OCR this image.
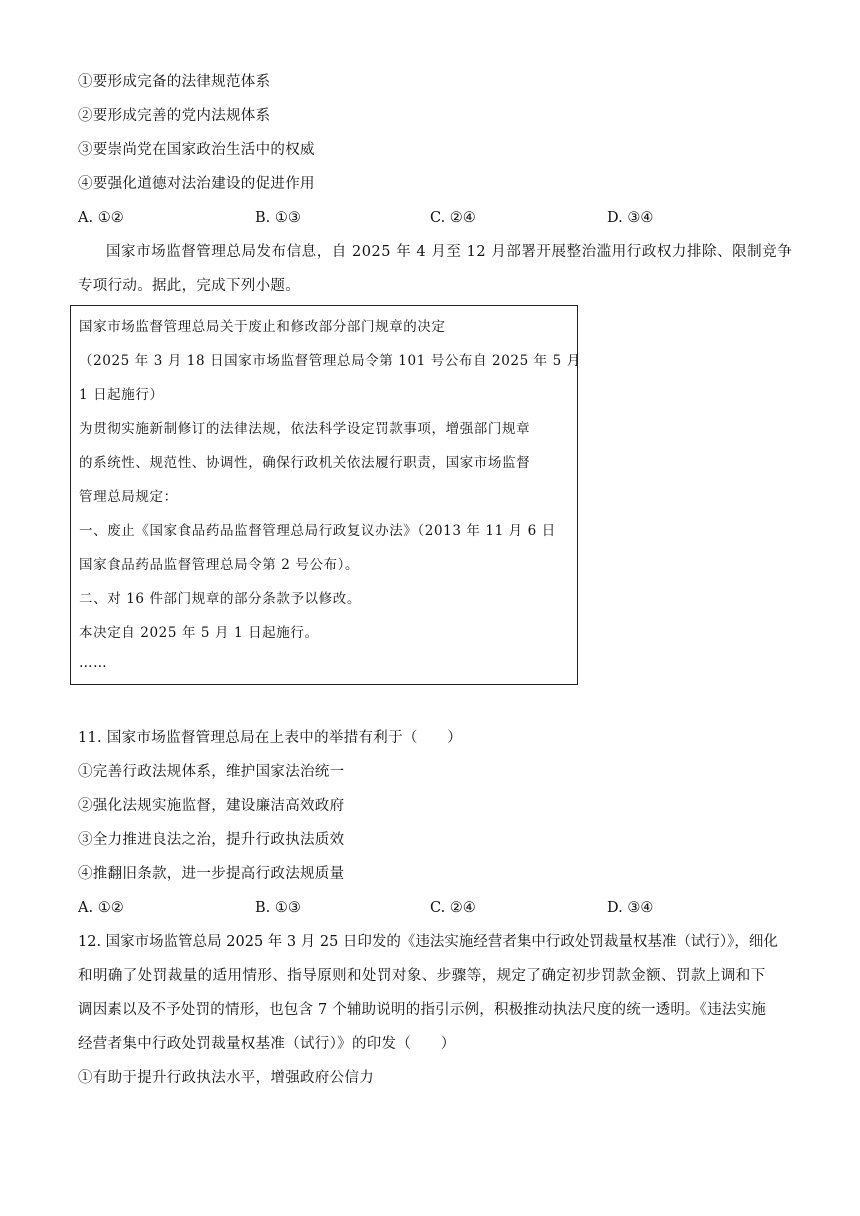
①要形成完备的法律规范体系
②要形成完善的党内法规体系
③要崇尚党在国家政治生活中的权威
④要强化道德对法治建设的促进作用
A. ①②	B. ①③	C. ②④	D. ③④
国家市场监督管理总局发布信息，自 2025 年 4 月至 12 月部署开展整治滥用行政权力排除、限制竞争
专项行动。据此，完成下列小题。
国家市场监督管理总局关于废止和修改部分部门规章的决定
（2025 年 3 月 18 日国家市场监督管理总局令第 101 号公布自 2025 年 5 月
1 日起施行）
为贯彻实施新制修订的法律法规，依法科学设定罚款事项，增强部门规章
的系统性、规范性、协调性，确保行政机关依法履行职责，国家市场监督
管理总局规定：
一、废止《国家食品药品监督管理总局行政复议办法》（2013 年 11 月 6 日
国家食品药品监督管理总局令第 2 号公布）。
二、对 16 件部门规章的部分条款予以修改。
本决定自 2025 年 5 月 1 日起施行。
……
11. 国家市场监督管理总局在上表中的举措有利于（　　）
①完善行政法规体系，维护国家法治统一
②强化法规实施监督，建设廉洁高效政府
③全力推进良法之治，提升行政执法质效
④推翻旧条款，进一步提高行政法规质量
A. ①②	B. ①③	C. ②④	D. ③④
12. 国家市场监管总局 2025 年 3 月 25 日印发的《违法实施经营者集中行政处罚裁量权基准（试行）》，细化
和明确了处罚裁量的适用情形、指导原则和处罚对象、步骤等，规定了确定初步罚款金额、罚款上调和下
调因素以及不予处罚的情形，也包含 7 个辅助说明的指引示例，积极推动执法尺度的统一透明。《违法实施
经营者集中行政处罚裁量权基准（试行）》的印发（　　）
①有助于提升行政执法水平，增强政府公信力
